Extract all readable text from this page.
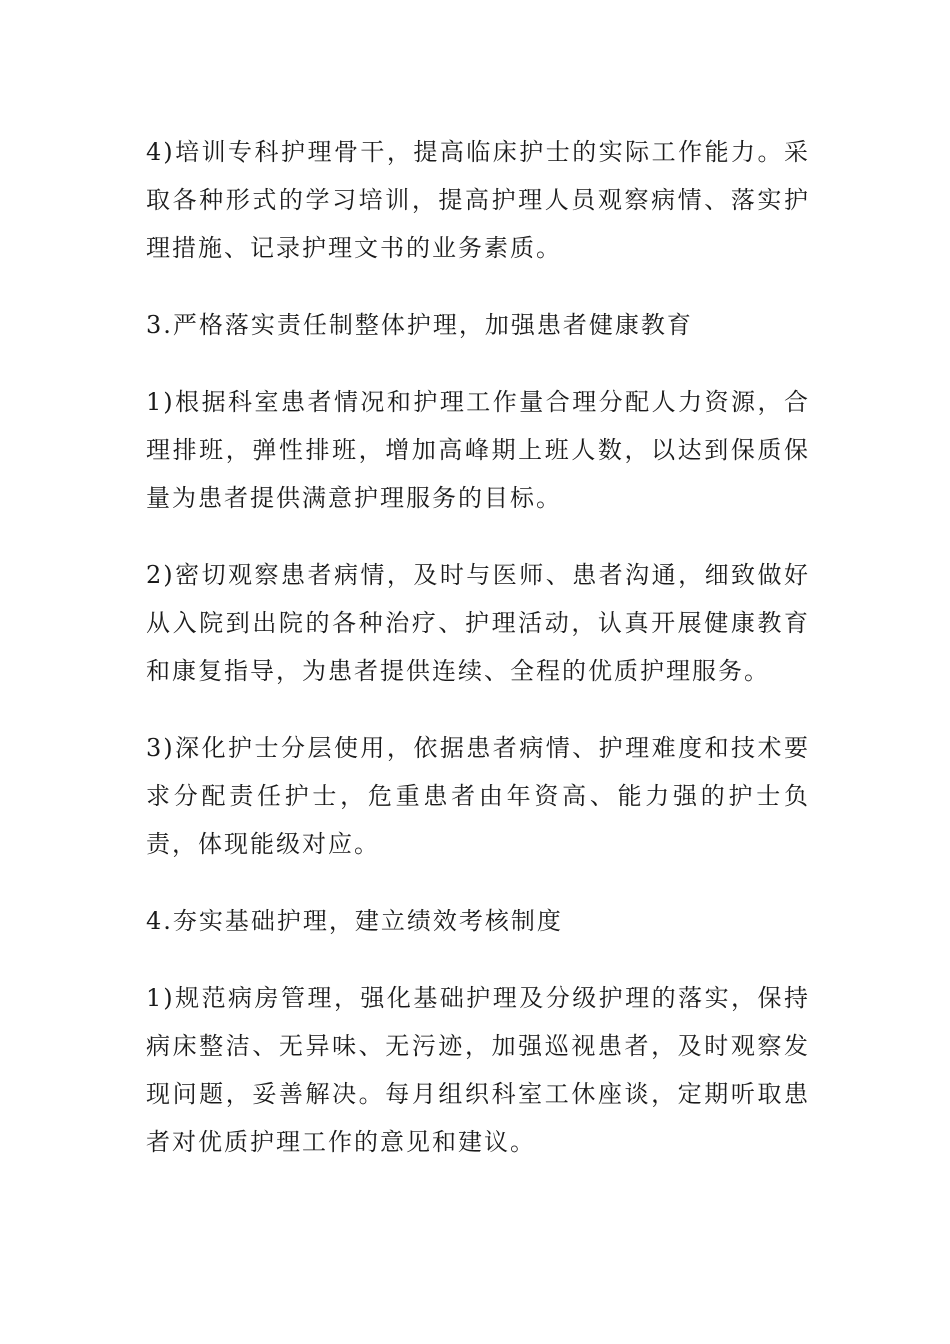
4)培训专科护理骨干，提高临床护士的实际工作能力。采取各种形式的学习培训，提高护理人员观察病情、落实护理措施、记录护理文书的业务素质。

3.严格落实责任制整体护理，加强患者健康教育

1)根据科室患者情况和护理工作量合理分配人力资源，合理排班，弹性排班，增加高峰期上班人数，以达到保质保量为患者提供满意护理服务的目标。

2)密切观察患者病情，及时与医师、患者沟通，细致做好从入院到出院的各种治疗、护理活动，认真开展健康教育和康复指导，为患者提供连续、全程的优质护理服务。

3)深化护士分层使用，依据患者病情、护理难度和技术要求分配责任护士，危重患者由年资高、能力强的护士负责，体现能级对应。

4.夯实基础护理，建立绩效考核制度

1)规范病房管理，强化基础护理及分级护理的落实，保持病床整洁、无异味、无污迹，加强巡视患者，及时观察发现问题，妥善解决。每月组织科室工休座谈，定期听取患者对优质护理工作的意见和建议。
